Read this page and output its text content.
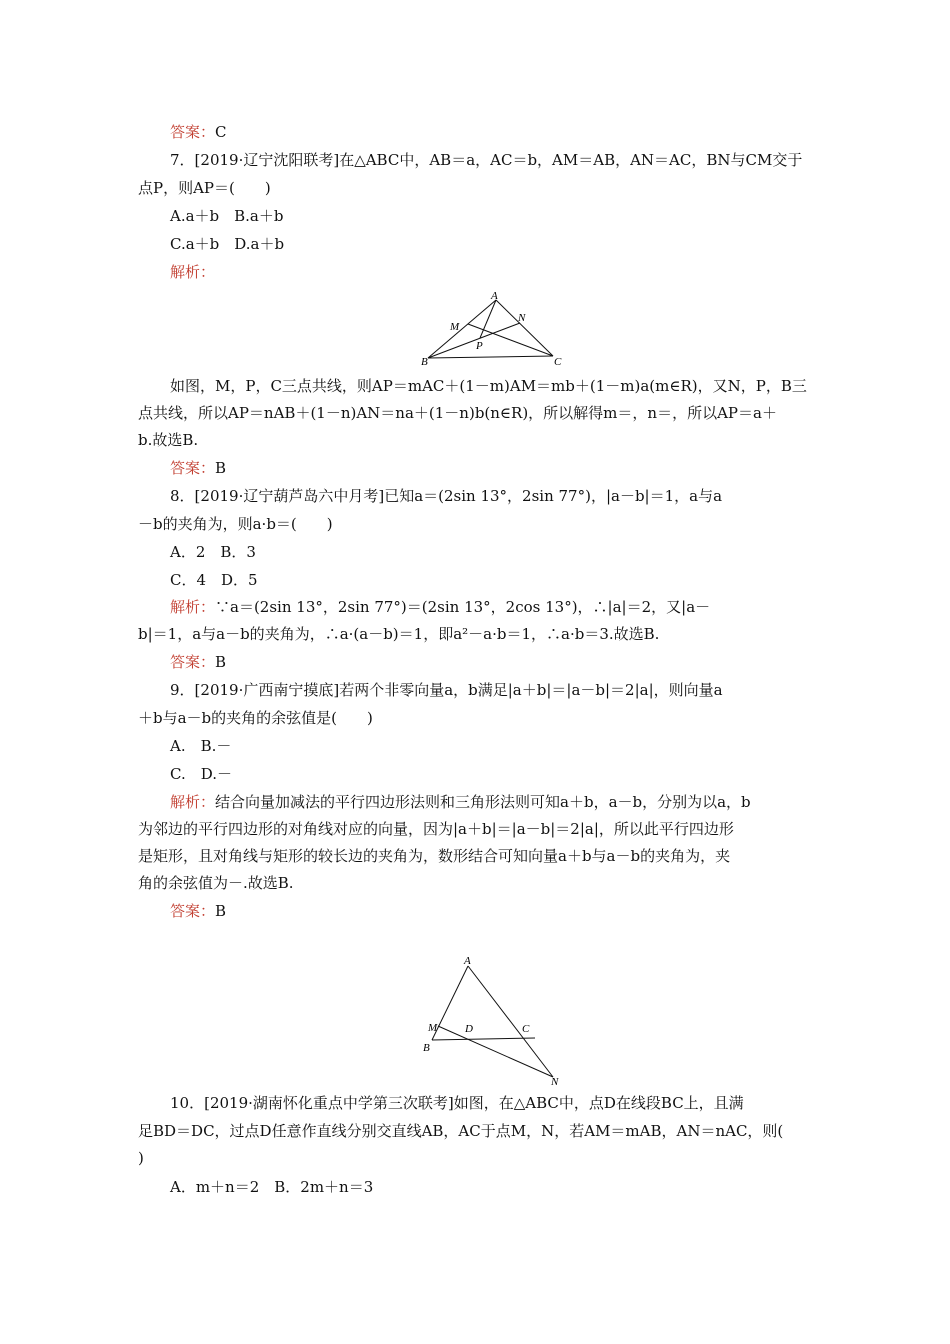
答案：C
7．[2019·辽宁沈阳联考]在△ABC中，AB＝a，AC＝b，AM＝AB，AN＝AC，BN与CM交于
点P，则AP＝(　　)
A.a＋b　B.a＋b
C.a＋b　D.a＋b
解析：
A
B	C
M
N
P
如图，M，P，C三点共线，则AP＝mAC＋(1－m)AM＝mb＋(1－m)a(m∈R)，又N，P，B三
点共线，所以AP＝nAB＋(1－n)AN＝na＋(1－n)b(n∈R)，所以解得m＝，n＝，所以AP＝a＋
b.故选B.
答案：B
8．[2019·辽宁葫芦岛六中月考]已知a＝(2sin 13°，2sin 77°)，|a－b|＝1，a与a
－b的夹角为，则a·b＝(　　)
A．2　B．3
C．4　D．5
解析：∵a＝(2sin 13°，2sin 77°)＝(2sin 13°，2cos 13°)，∴|a|＝2，又|a－
b|＝1，a与a－b的夹角为，∴a·(a－b)＝1，即a²－a·b＝1，∴a·b＝3.故选B.
答案：B
9．[2019·广西南宁摸底]若两个非零向量a，b满足|a＋b|＝|a－b|＝2|a|，则向量a
＋b与a－b的夹角的余弦值是(　　)
A.　B.－
C.　D.－
解析：结合向量加减法的平行四边形法则和三角形法则可知a＋b，a－b，分别为以a，b
为邻边的平行四边形的对角线对应的向量，因为|a＋b|＝|a－b|＝2|a|，所以此平行四边形
是矩形，且对角线与矩形的较长边的夹角为，数形结合可知向量a＋b与a－b的夹角为，夹
角的余弦值为－.故选B.
答案：B
A
M	D	C
B
N
10．[2019·湖南怀化重点中学第三次联考]如图，在△ABC中，点D在线段BC上，且满
足BD＝DC，过点D任意作直线分别交直线AB，AC于点M，N，若AM＝mAB，AN＝nAC，则(
)
A．m＋n＝2　B．2m＋n＝3
